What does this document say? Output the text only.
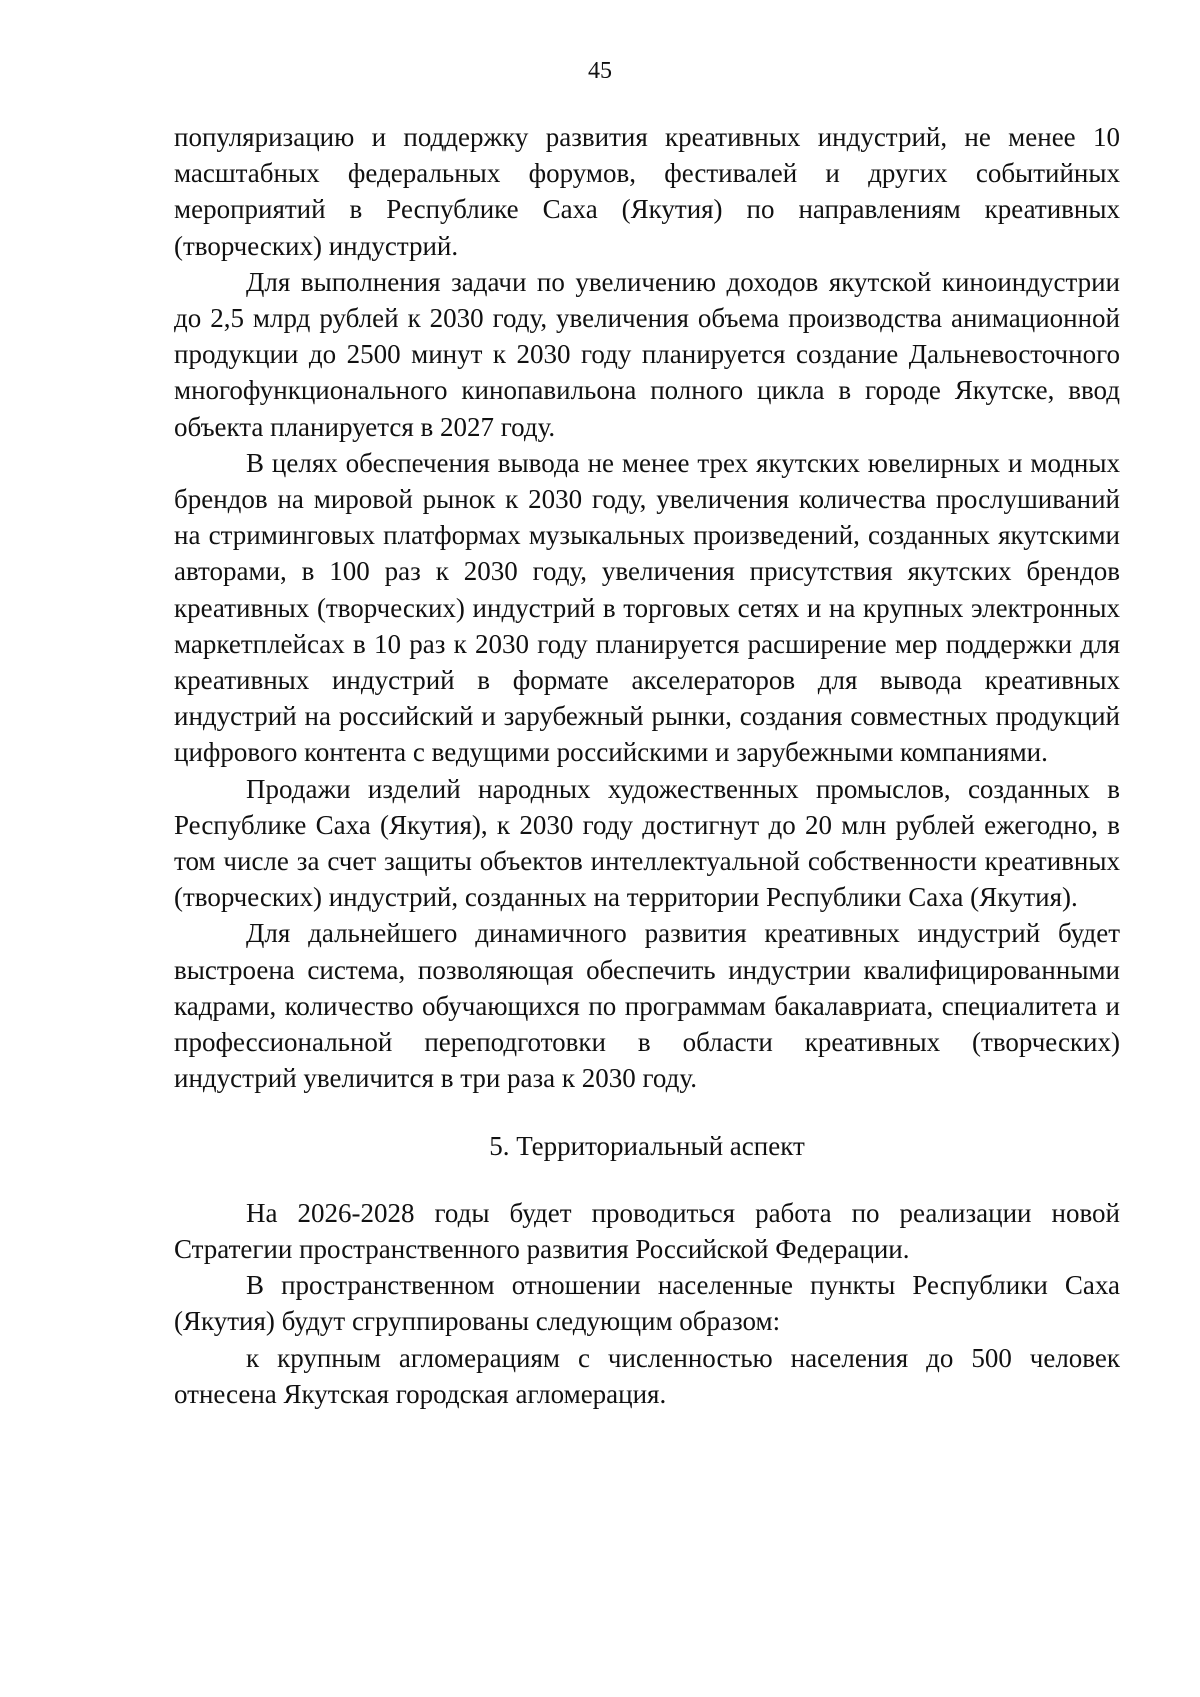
45

популяризацию и поддержку развития креативных индустрий, не менее 10 масштабных федеральных форумов, фестивалей и других событийных мероприятий в Республике Саха (Якутия) по направлениям креативных (творческих) индустрий.

Для выполнения задачи по увеличению доходов якутской киноиндустрии до 2,5 млрд рублей к 2030 году, увеличения объема производства анимационной продукции до 2500 минут к 2030 году планируется создание Дальневосточного многофункционального кинопавильона полного цикла в городе Якутске, ввод объекта планируется в 2027 году.

В целях обеспечения вывода не менее трех якутских ювелирных и модных брендов на мировой рынок к 2030 году, увеличения количества прослушиваний на стриминговых платформах музыкальных произведений, созданных якутскими авторами, в 100 раз к 2030 году, увеличения присутствия якутских брендов креативных (творческих) индустрий в торговых сетях и на крупных электронных маркетплейсах в 10 раз к 2030 году планируется расширение мер поддержки для креативных индустрий в формате акселераторов для вывода креативных индустрий на российский и зарубежный рынки, создания совместных продукций цифрового контента с ведущими российскими и зарубежными компаниями.

Продажи изделий народных художественных промыслов, созданных в Республике Саха (Якутия), к 2030 году достигнут до 20 млн рублей ежегодно, в том числе за счет защиты объектов интеллектуальной собственности креативных (творческих) индустрий, созданных на территории Республики Саха (Якутия).

Для дальнейшего динамичного развития креативных индустрий будет выстроена система, позволяющая обеспечить индустрии квалифицированными кадрами, количество обучающихся по программам бакалавриата, специалитета и профессиональной переподготовки в области креативных (творческих) индустрий увеличится в три раза к 2030 году.

5. Территориальный аспект

На 2026-2028 годы будет проводиться работа по реализации новой Стратегии пространственного развития Российской Федерации.

В пространственном отношении населенные пункты Республики Саха (Якутия) будут сгруппированы следующим образом:

к крупным агломерациям с численностью населения до 500 человек отнесена Якутская городская агломерация.
